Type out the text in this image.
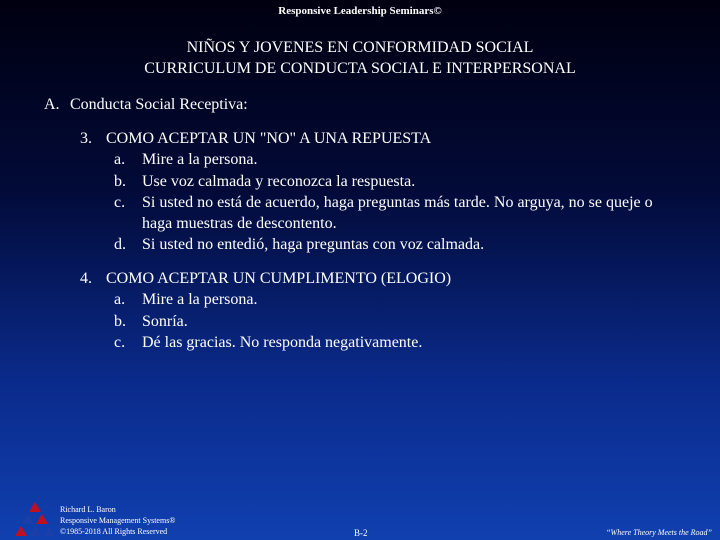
Responsive Leadership Seminars©
NIÑOS Y JOVENES EN CONFORMIDAD SOCIAL
CURRICULUM DE CONDUCTA SOCIAL E INTERPERSONAL
A. Conducta Social Receptiva:
3. COMO ACEPTAR UN "NO" A UNA REPUESTA
a. Mire a la persona.
b. Use voz calmada y reconozca la respuesta.
c. Si usted no está de acuerdo, haga preguntas más tarde. No arguya, no se queje o haga muestras de descontento.
d. Si usted no entedió, haga preguntas con voz calmada.
4. COMO ACEPTAR UN CUMPLIMENTO (ELOGIO)
a. Mire a la persona.
b. Sonría.
c. Dé las gracias. No responda negativamente.
Richard L. Baron
Responsive Management Systems®
©1985-2018 All Rights Reserved	B-2	“Where Theory Meets the Road”
